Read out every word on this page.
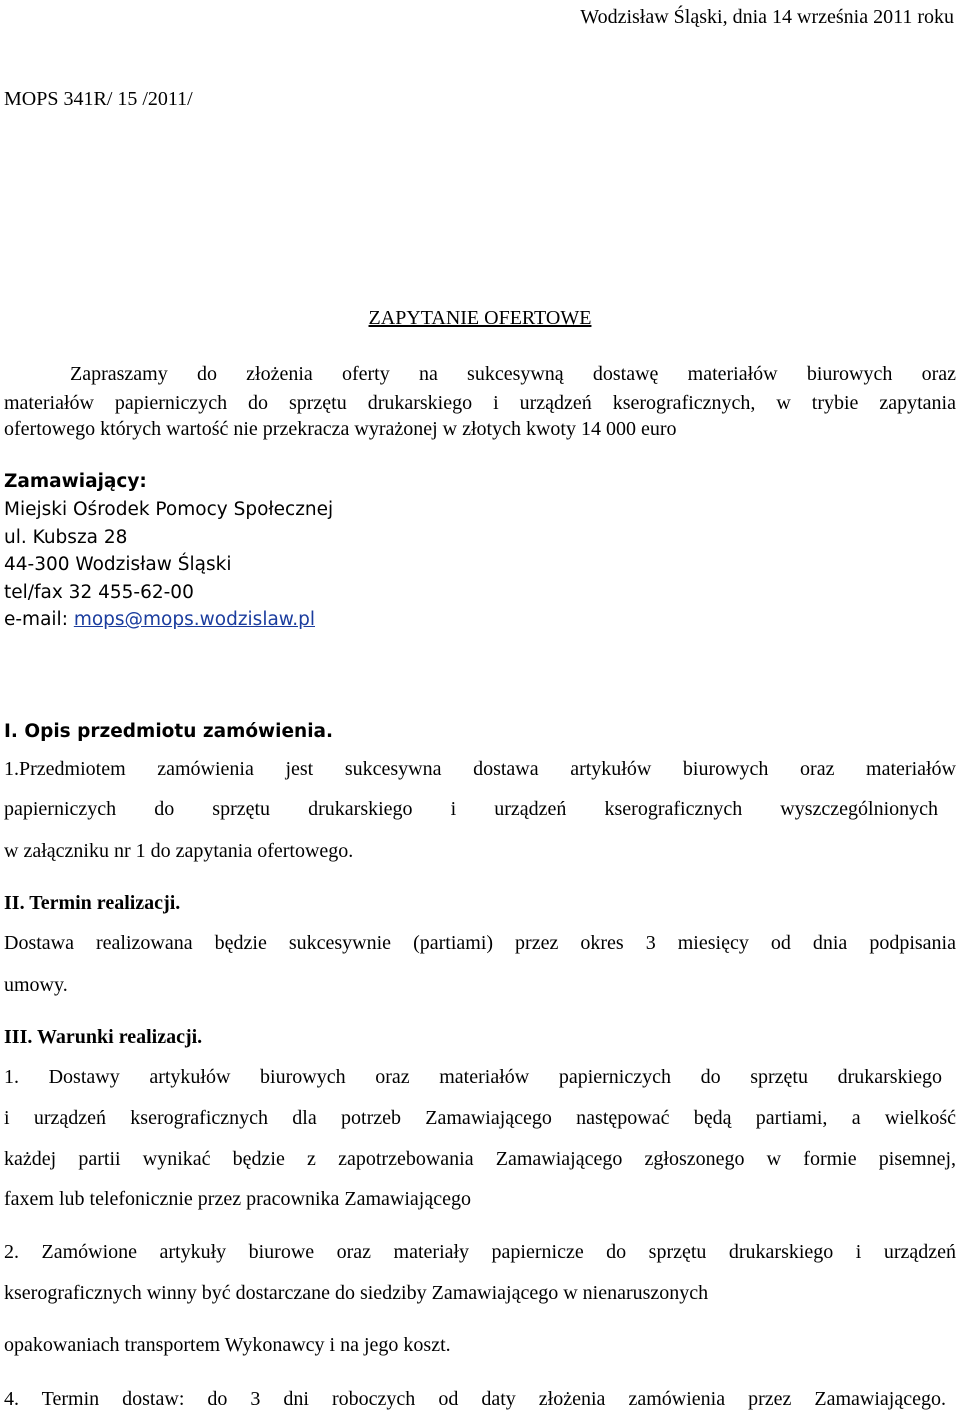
Wodzisław Śląski, dnia 14 września 2011 roku
MOPS 341R/ 15 /2011/
ZAPYTANIE OFERTOWE
Zapraszamy do złożenia oferty na sukcesywną dostawę materiałów biurowych oraz
materiałów papierniczych do sprzętu drukarskiego i urządzeń kserograficznych, w trybie zapytania
ofertowego których wartość nie przekracza wyrażonej w złotych kwoty 14 000 euro
Zamawiający:
Miejski Ośrodek Pomocy Społecznej
ul. Kubsza 28
44-300 Wodzisław Śląski
tel/fax 32 455-62-00
e-mail: mops@mops.wodzislaw.pl
I. Opis przedmiotu zamówienia.
1.Przedmiotem zamówienia jest sukcesywna dostawa artykułów biurowych oraz materiałów
papierniczych do sprzętu drukarskiego i urządzeń kserograficznych wyszczególnionych
w załączniku nr 1 do zapytania ofertowego.
II. Termin realizacji.
Dostawa realizowana będzie sukcesywnie (partiami) przez okres 3 miesięcy od dnia podpisania
umowy.
III. Warunki realizacji.
1. Dostawy artykułów biurowych oraz materiałów papierniczych do sprzętu drukarskiego
i urządzeń kserograficznych dla potrzeb Zamawiającego następować będą partiami, a wielkość
każdej partii wynikać będzie z zapotrzebowania Zamawiającego zgłoszonego w formie pisemnej,
faxem lub telefonicznie przez pracownika Zamawiającego
2. Zamówione artykuły biurowe oraz materiały papiernicze do sprzętu drukarskiego i urządzeń
kserograficznych winny być dostarczane do siedziby Zamawiającego w nienaruszonych
opakowaniach transportem Wykonawcy i na jego koszt.
4. Termin dostaw: do 3 dni roboczych od daty złożenia zamówienia przez Zamawiającego.
